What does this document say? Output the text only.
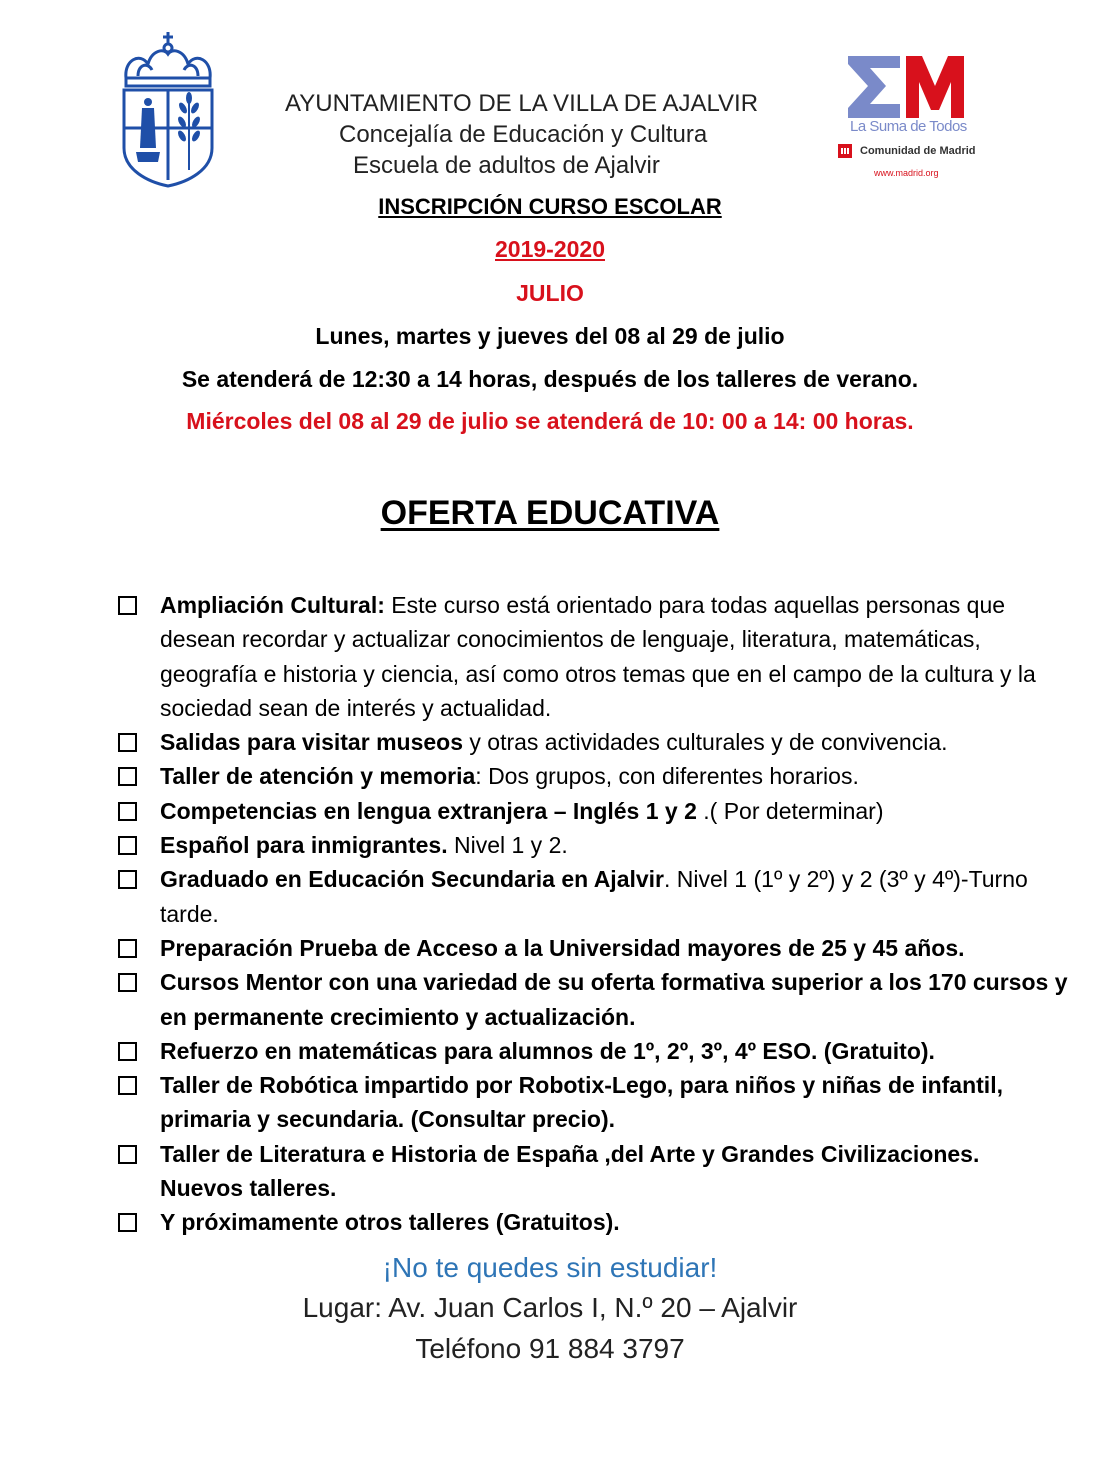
AYUNTAMIENTO DE LA VILLA DE AJALVIR
Concejalía de Educación y Cultura
Escuela de adultos de Ajalvir
La Suma de Todos
Comunidad de Madrid
www.madrid.org
INSCRIPCIÓN CURSO ESCOLAR
2019-2020
JULIO
Lunes, martes y jueves del 08 al 29 de julio
Se atenderá de 12:30 a 14 horas, después de los talleres de verano.
Miércoles del 08 al 29 de julio se atenderá de 10: 00 a 14: 00 horas.
OFERTA EDUCATIVA
Ampliación Cultural: Este curso está orientado para todas aquellas personas que desean recordar y actualizar conocimientos de lenguaje, literatura, matemáticas, geografía e historia y ciencia, así como otros temas que en el campo de la cultura y la sociedad sean de interés y actualidad.
Salidas para visitar museos y otras actividades culturales y de convivencia.
Taller de atención y memoria: Dos grupos, con diferentes horarios.
Competencias en lengua extranjera – Inglés 1 y 2 .( Por determinar)
Español para inmigrantes. Nivel 1 y 2.
Graduado en Educación Secundaria en Ajalvir. Nivel 1 (1º y 2º) y 2 (3º y 4º)-Turno tarde.
Preparación Prueba de Acceso a la Universidad mayores de 25 y 45 años.
Cursos Mentor con una variedad de su oferta formativa superior a los 170 cursos y en permanente crecimiento y actualización.
Refuerzo en matemáticas para alumnos de 1º, 2º, 3º, 4º ESO. (Gratuito).
Taller de Robótica impartido por Robotix-Lego, para niños y niñas de infantil, primaria y secundaria. (Consultar precio).
Taller de Literatura e Historia de España ,del Arte y Grandes Civilizaciones. Nuevos talleres.
Y próximamente otros talleres (Gratuitos).
¡No te quedes sin estudiar!
Lugar: Av. Juan Carlos I, N.º 20 – Ajalvir
Teléfono 91 884 3797
